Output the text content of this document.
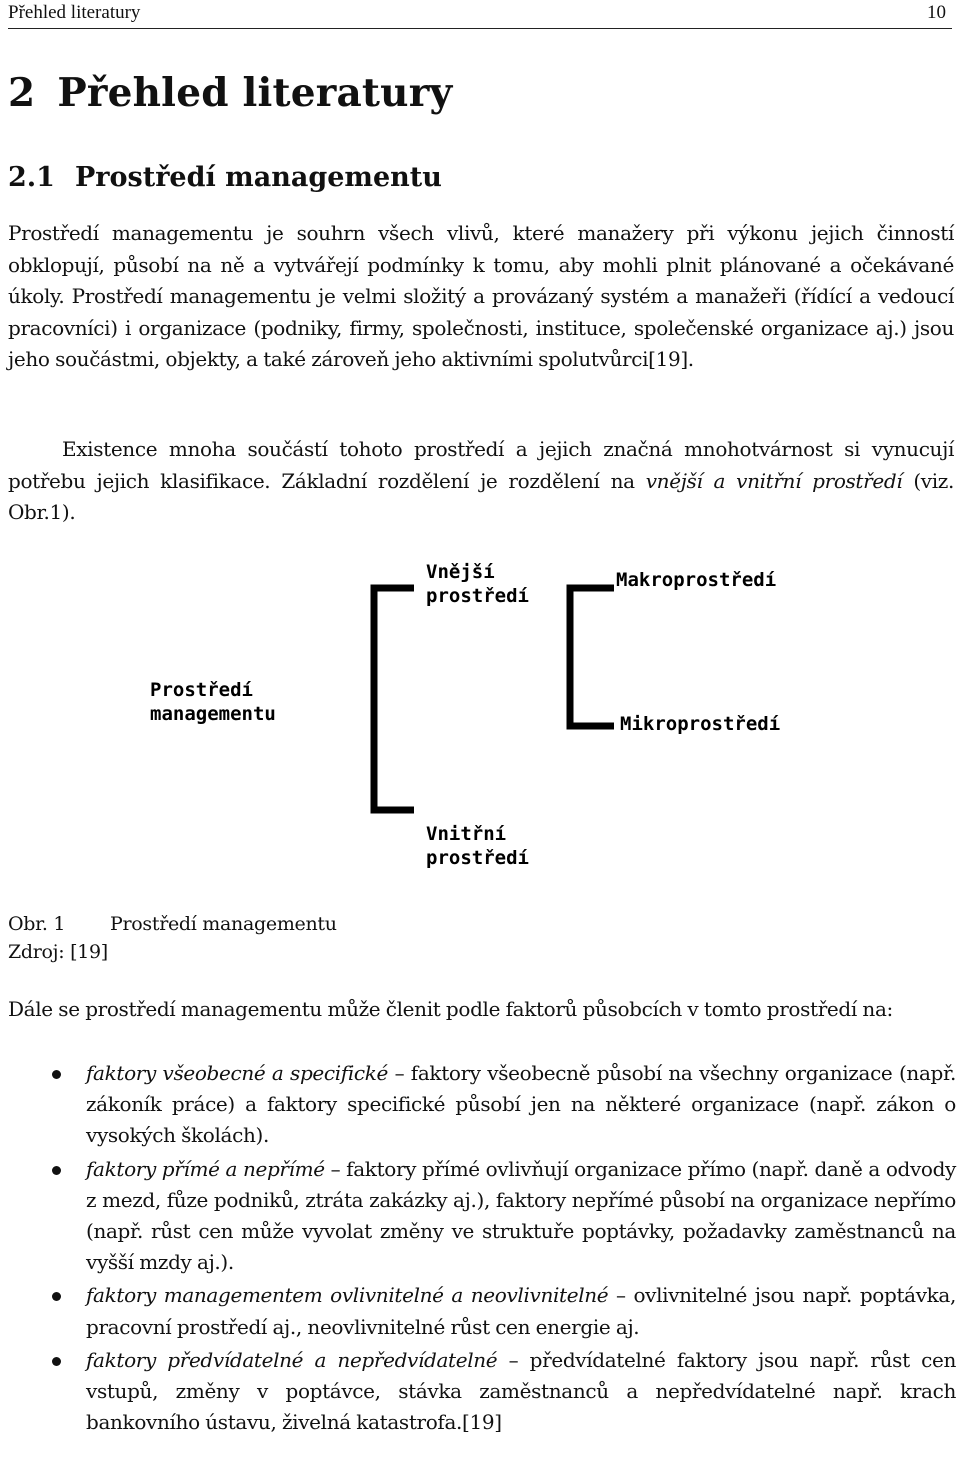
Přehled literatury	10
2 Přehled literatury
2.1 Prostředí managementu

Prostředí managementu je souhrn všech vlivů, které manažery při výkonu jejich činností obklopují, působí na ně a vytvářejí podmínky k tomu, aby mohli plnit plánované a očekávané úkoly. Prostředí managementu je velmi složitý a provázaný systém a manažeři (řídící a vedoucí pracovníci) i organizace (podniky, firmy, společnosti, instituce, společenské organizace aj.) jsou jeho součástmi, objekty, a také zároveň jeho aktivními spolutvůrci[19].

Existence mnoha součástí tohoto prostředí a jejich značná mnohotvárnost si vynucují potřebu jejich klasifikace. Základní rozdělení je rozdělení na vnější a vnitřní prostředí (viz. Obr.1).

Vnější
prostředí
Makroprostředí
Prostředí
managementu	Mikroprostředí
Vnitřní
prostředí
Obr. 1 Prostředí managementu
Zdroj: [19]

Dále se prostředí managementu může členit podle faktorů působcích v tomto prostředí na:

faktory všeobecné a specifické – faktory všeobecně působí na všechny organizace (např. zákoník práce) a faktory specifické působí jen na některé organizace (např. zákon o vysokých školách).
faktory přímé a nepřímé – faktory přímé ovlivňují organizace přímo (např. daně a odvody z mezd, fůze podniků, ztráta zakázky aj.), faktory nepřímé působí na organizace nepřímo (např. růst cen může vyvolat změny ve struktuře poptávky, požadavky zaměstnanců na vyšší mzdy aj.).
faktory managementem ovlivnitelné a neovlivnitelné – ovlivnitelné jsou např. poptávka, pracovní prostředí aj., neovlivnitelné růst cen energie aj.
faktory předvídatelné a nepředvídatelné – předvídatelné faktory jsou např. růst cen vstupů, změny v poptávce, stávka zaměstnanců a nepředvídatelné např. krach bankovního ústavu, živelná katastrofa.[19]
